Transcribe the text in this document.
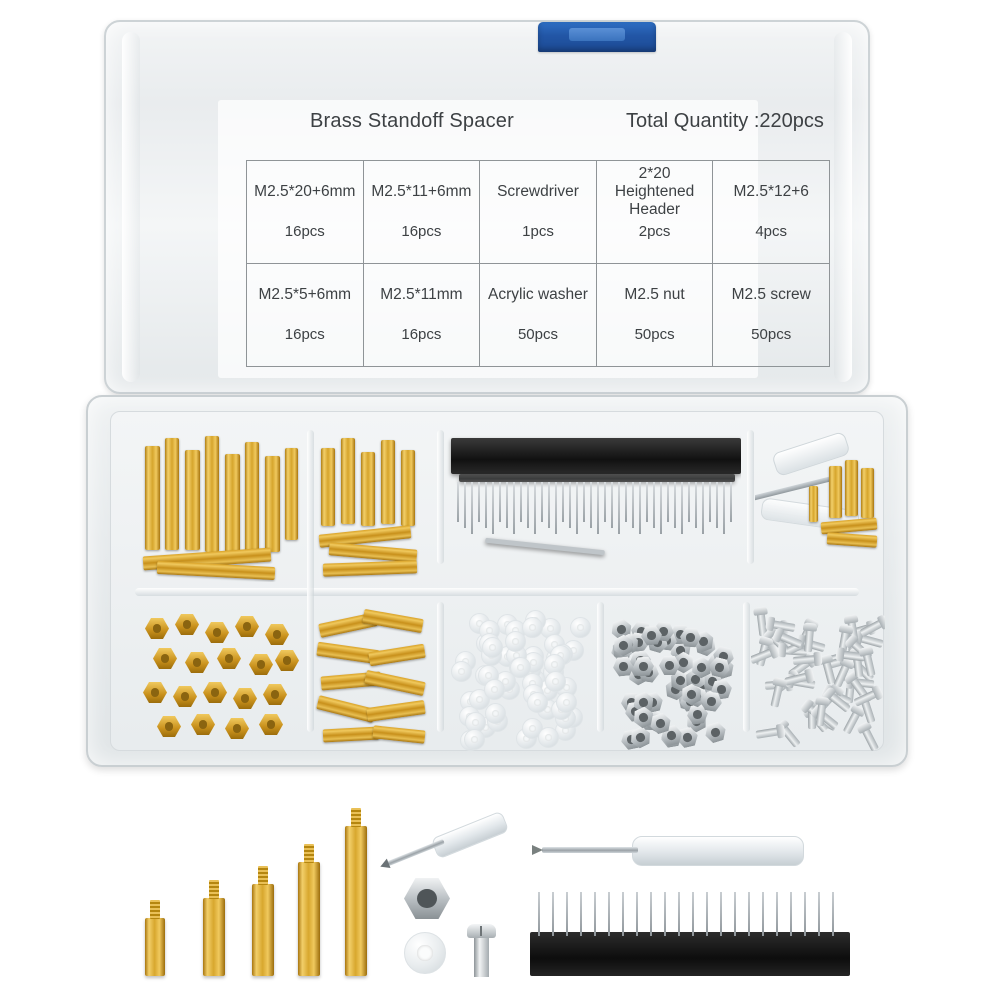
Brass Standoff Spacer	Total Quantity :220pcs
M2.5*20+6mm	M2.5*11+6mm	Screwdriver	2*20 Heightened Header	M2.5*12+6
16pcs	16pcs	1pcs	2pcs	4pcs
M2.5*5+6mm	M2.5*11mm	Acrylic washer	M2.5 nut	M2.5 screw
16pcs	16pcs	50pcs	50pcs	50pcs
